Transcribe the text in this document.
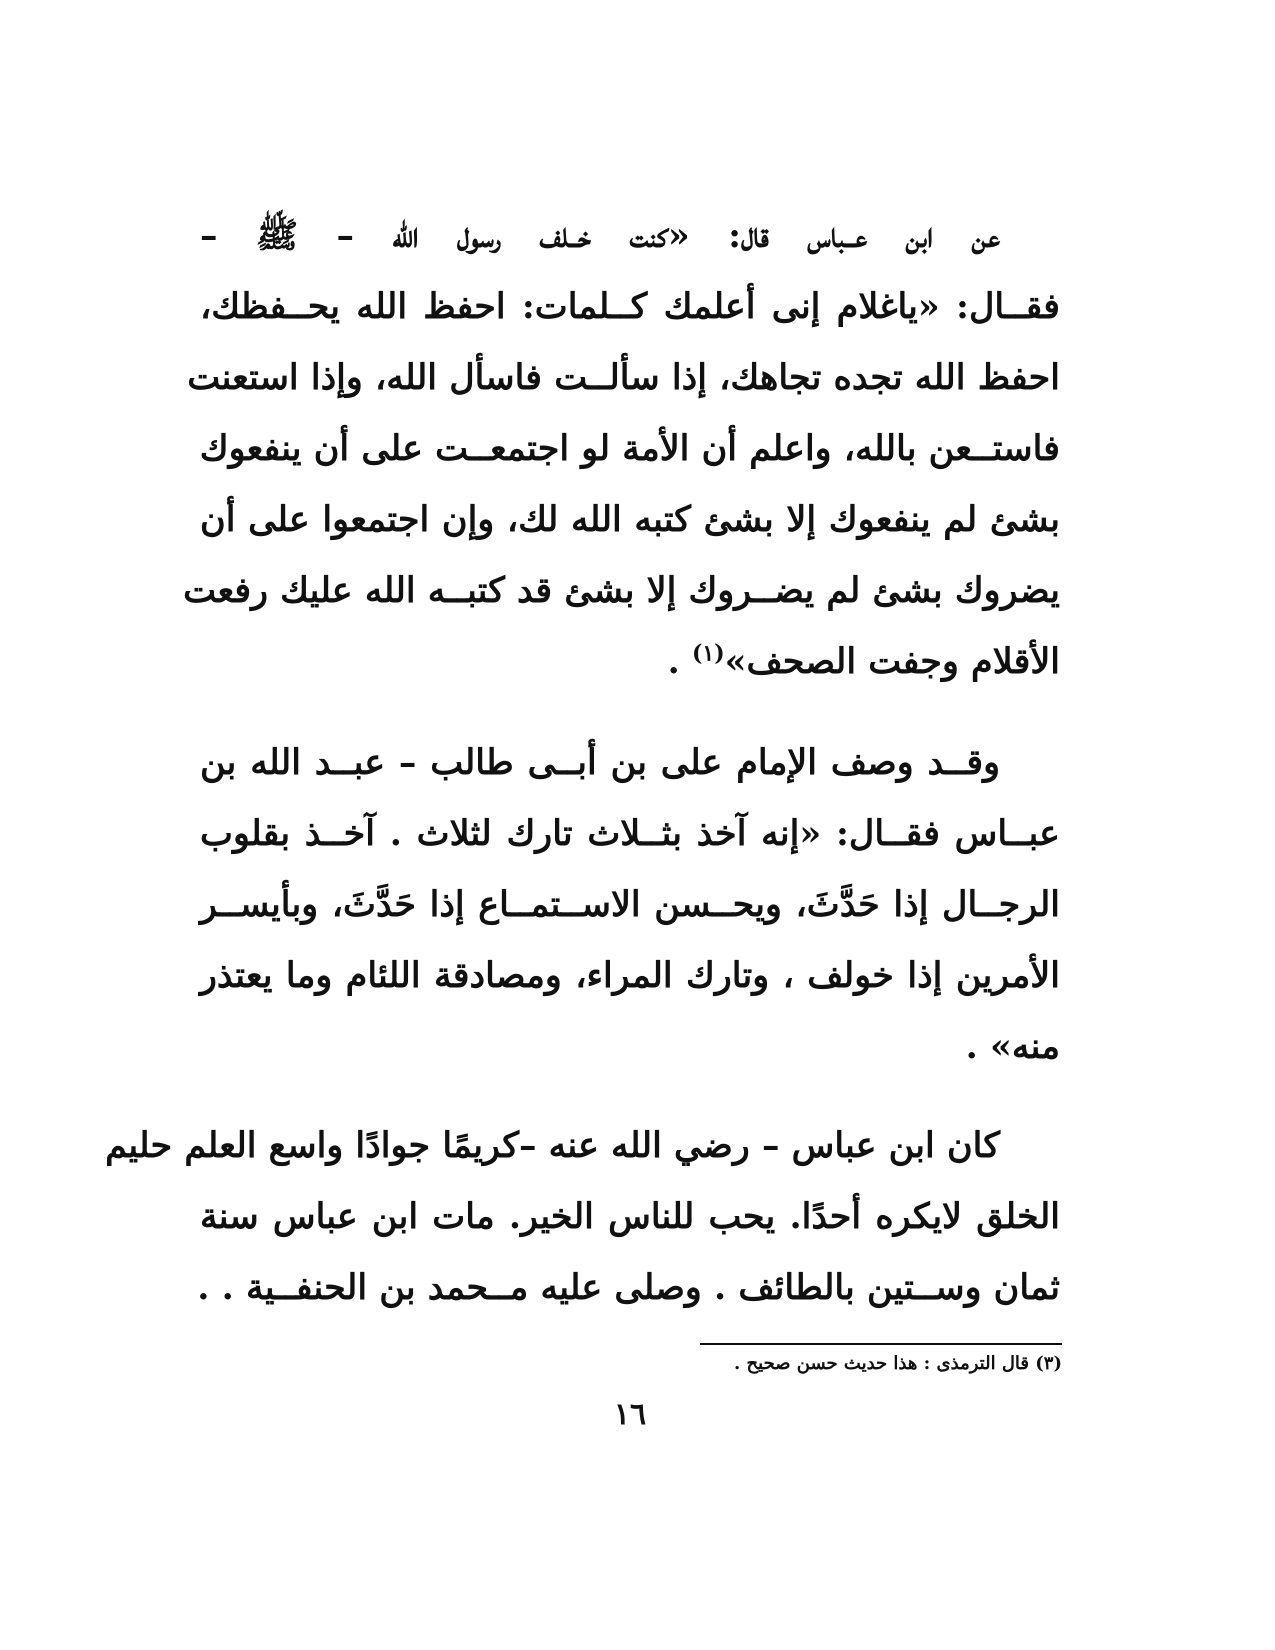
عن ابن عــباس قال: «كنت خــلف رسول الله – ﷺ –
فقــال: «ياغلام إنى أعلمك كــلمات: احفظ الله يحــفظك،
احفظ الله تجده تجاهك، إذا سألــت فاسأل الله، وإذا استعنت
فاستــعن بالله، واعلم أن الأمة لو اجتمعــت على أن ينفعوك
بشئ لم ينفعوك إلا بشئ كتبه الله لك، وإن اجتمعوا على أن
يضروك بشئ لم يضــروك إلا بشئ قد كتبــه الله عليك رفعت
الأقلام وجفت الصحف»$^{(١)}$ .
وقــد وصف الإمام على بن أبــى طالب – عبــد الله بن
عبــاس فقــال: «إنه آخذ بثــلاث تارك لثلاث . آخــذ بقلوب
الرجــال إذا حَدَّثَ، ويحــسن الاســتمــاع إذا حَدَّثَ، وبأيســر
الأمرين إذا خولف ، وتارك المراء، ومصادقة اللئام وما يعتذر
منه» .
كان ابن عباس – رضي الله عنه –كريمًا جوادًا واسع العلم حليم
الخلق لايكره أحدًا. يحب للناس الخير. مات ابن عباس سنة
ثمان وســتين بالطائف . وصلى عليه مــحمد بن الحنفــية . .
(٣) قال الترمذى : هذا حديث حسن صحيح .
١٦
